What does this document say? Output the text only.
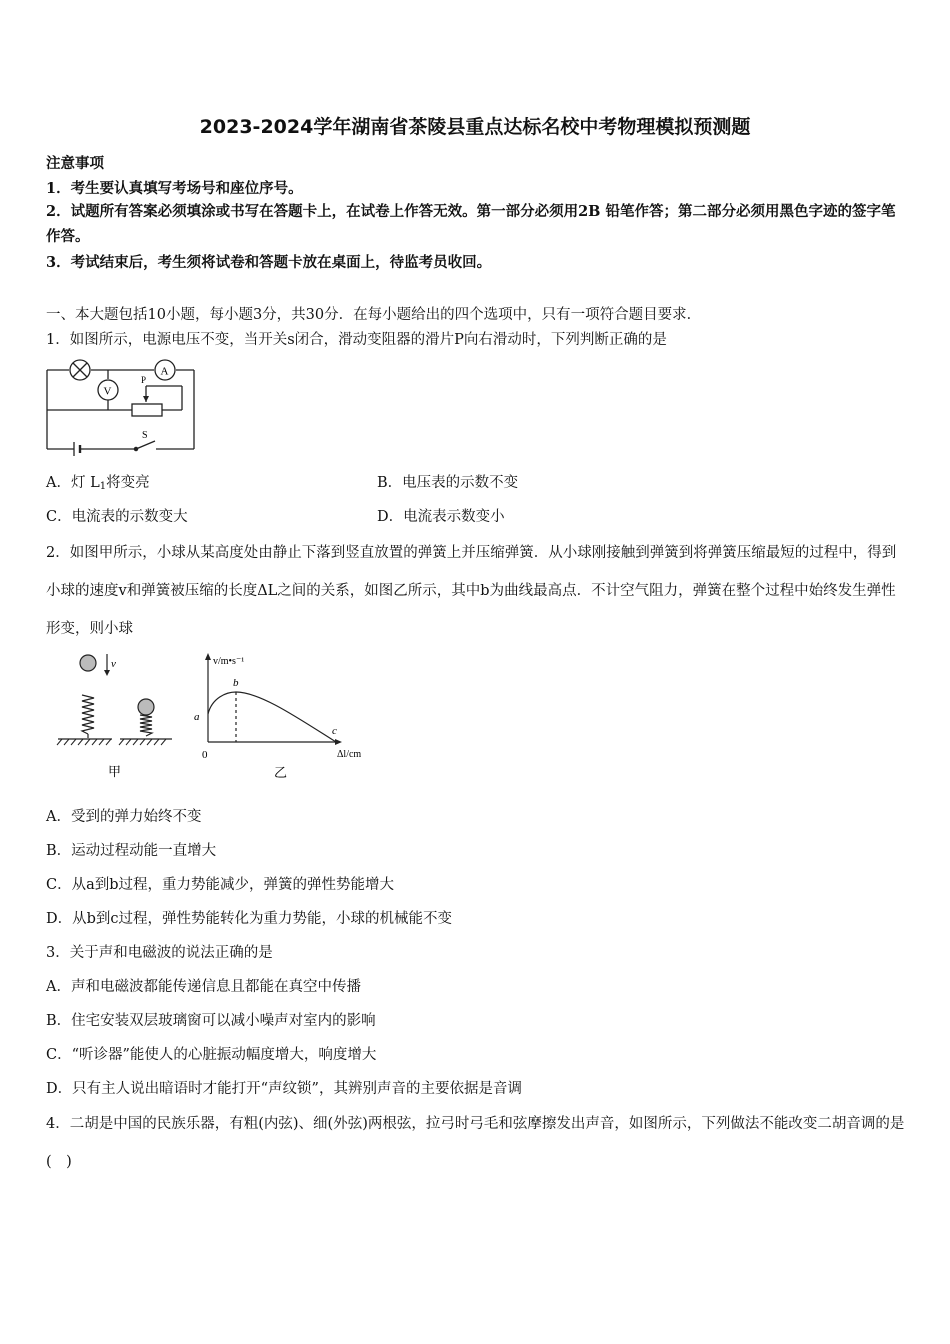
2023-2024学年湖南省茶陵县重点达标名校中考物理模拟预测题
注意事项
1．考生要认真填写考场号和座位序号。
2．试题所有答案必须填涂或书写在答题卡上，在试卷上作答无效。第一部分必须用2B 铅笔作答；第二部分必须用黑色字迹的签字笔作答。
3．考试结束后，考生须将试卷和答题卡放在桌面上，待监考员收回。
一、本大题包括10小题，每小题3分，共30分．在每小题给出的四个选项中，只有一项符合题目要求．
1．如图所示，电源电压不变，当开关s闭合，滑动变阻器的滑片P向右滑动时，下列判断正确的是
V
A
P
S
A．灯 $L_1$将变亮	B．电压表的示数不变
C．电流表的示数变大	D．电流表示数变小
2．如图甲所示，小球从某高度处由静止下落到竖直放置的弹簧上并压缩弹簧．从小球刚接触到弹簧到将弹簧压缩最短的过程中，得到小球的速度v和弹簧被压缩的长度ΔL之间的关系，如图乙所示，其中b为曲线最高点．不计空气阻力，弹簧在整个过程中始终发生弹性形变，则小球
v
甲
v/m•s⁻¹
Δl/cm
0
a
b
c
乙
A．受到的弹力始终不变
B．运动过程动能一直增大
C．从a到b过程，重力势能减少，弹簧的弹性势能增大
D．从b到c过程，弹性势能转化为重力势能，小球的机械能不变
3．关于声和电磁波的说法正确的是
A．声和电磁波都能传递信息且都能在真空中传播
B．住宅安装双层玻璃窗可以减小噪声对室内的影响
C．“听诊器”能使人的心脏振动幅度增大，响度增大
D．只有主人说出暗语时才能打开“声纹锁”，其辨别声音的主要依据是音调
4．二胡是中国的民族乐器，有粗(内弦)、细(外弦)两根弦，拉弓时弓毛和弦摩擦发出声音，如图所示，下列做法不能改变二胡音调的是(　)
